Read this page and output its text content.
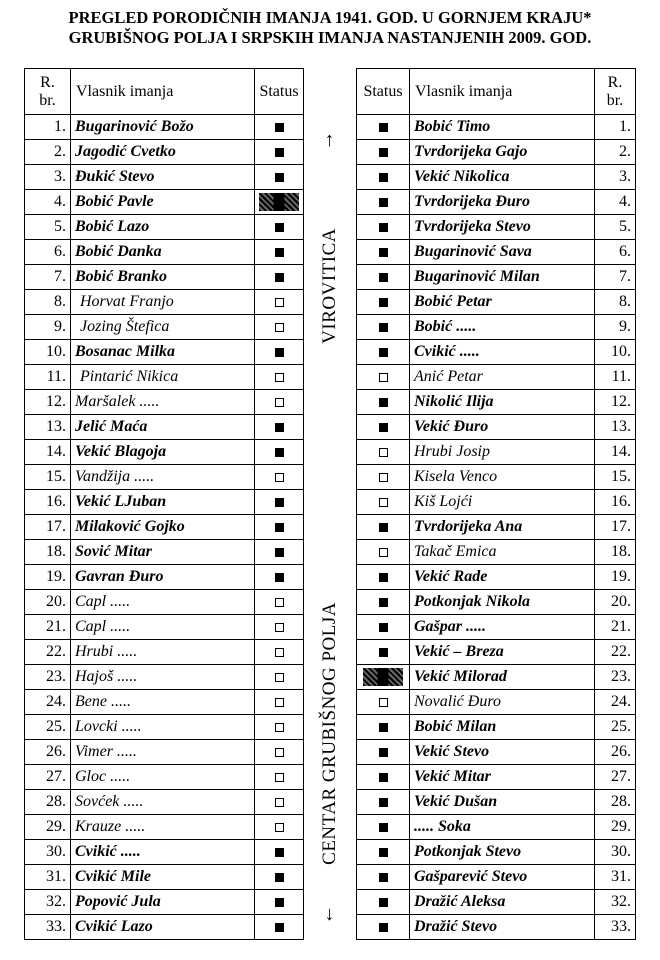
PREGLED PORODIČNIH IMANJA 1941. GOD. U GORNJEM KRAJU*
GRUBIŠNOG POLJA I SRPSKIH IMANJA NASTANJENIH 2009. GOD.
R.
br.	Vlasnik imanja	Status
1.	Bugarinović Božo	
2.	Jagodić Cvetko	
3.	Đukić Stevo	
4.	Bobić Pavle	
5.	Bobić Lazo	
6.	Bobić Danka	
7.	Bobić Branko	
8.	Horvat Franjo	
9.	Jozing Štefica	
10.	Bosanac Milka	
11.	Pintarić Nikica	
12.	Maršalek .....	
13.	Jelić Maća	
14.	Vekić Blagoja	
15.	Vandžija .....	
16.	Vekić LJuban	
17.	Milaković Gojko	
18.	Sović Mitar	
19.	Gavran Đuro	
20.	Capl .....	
21.	Capl .....	
22.	Hrubi .....	
23.	Hajoš .....	
24.	Bene .....	
25.	Lovcki .....	
26.	Vimer .....	
27.	Gloc .....	
28.	Sovćek .....	
29.	Krauze .....	
30.	Cvikić .....	
31.	Cvikić Mile	
32.	Popović Jula	
33.	Cvikić Lazo	
↑
VIROVITICA
CENTAR GRUBIŠNOG POLJA
↓
Status	Vlasnik imanja	R.
br.

	Bobić Timo	1.
	Tvrdorijeka Gajo	2.
	Vekić Nikolica	3.
	Tvrdorijeka Đuro	4.
	Tvrdorijeka Stevo	5.
	Bugarinović Sava	6.
	Bugarinović Milan	7.
	Bobić Petar	8.
	Bobić .....	9.
	Cvikić .....	10.
	Anić Petar	11.
	Nikolić Ilija	12.
	Vekić Đuro	13.
	Hrubi Josip	14.
	Kisela Venco	15.
	Kiš Lojći	16.
	Tvrdorijeka Ana	17.
	Takač Emica	18.
	Vekić Rade	19.
	Potkonjak Nikola	20.
	Gašpar .....	21.
	Vekić – Breza	22.
	Vekić Milorad	23.
	Novalić Đuro	24.
	Bobić Milan	25.
	Vekić Stevo	26.
	Vekić Mitar	27.
	Vekić Dušan	28.
	..... Soka	29.
	Potkonjak Stevo	30.
	Gašparević Stevo	31.
	Dražić Aleksa	32.
	Dražić Stevo	33.
